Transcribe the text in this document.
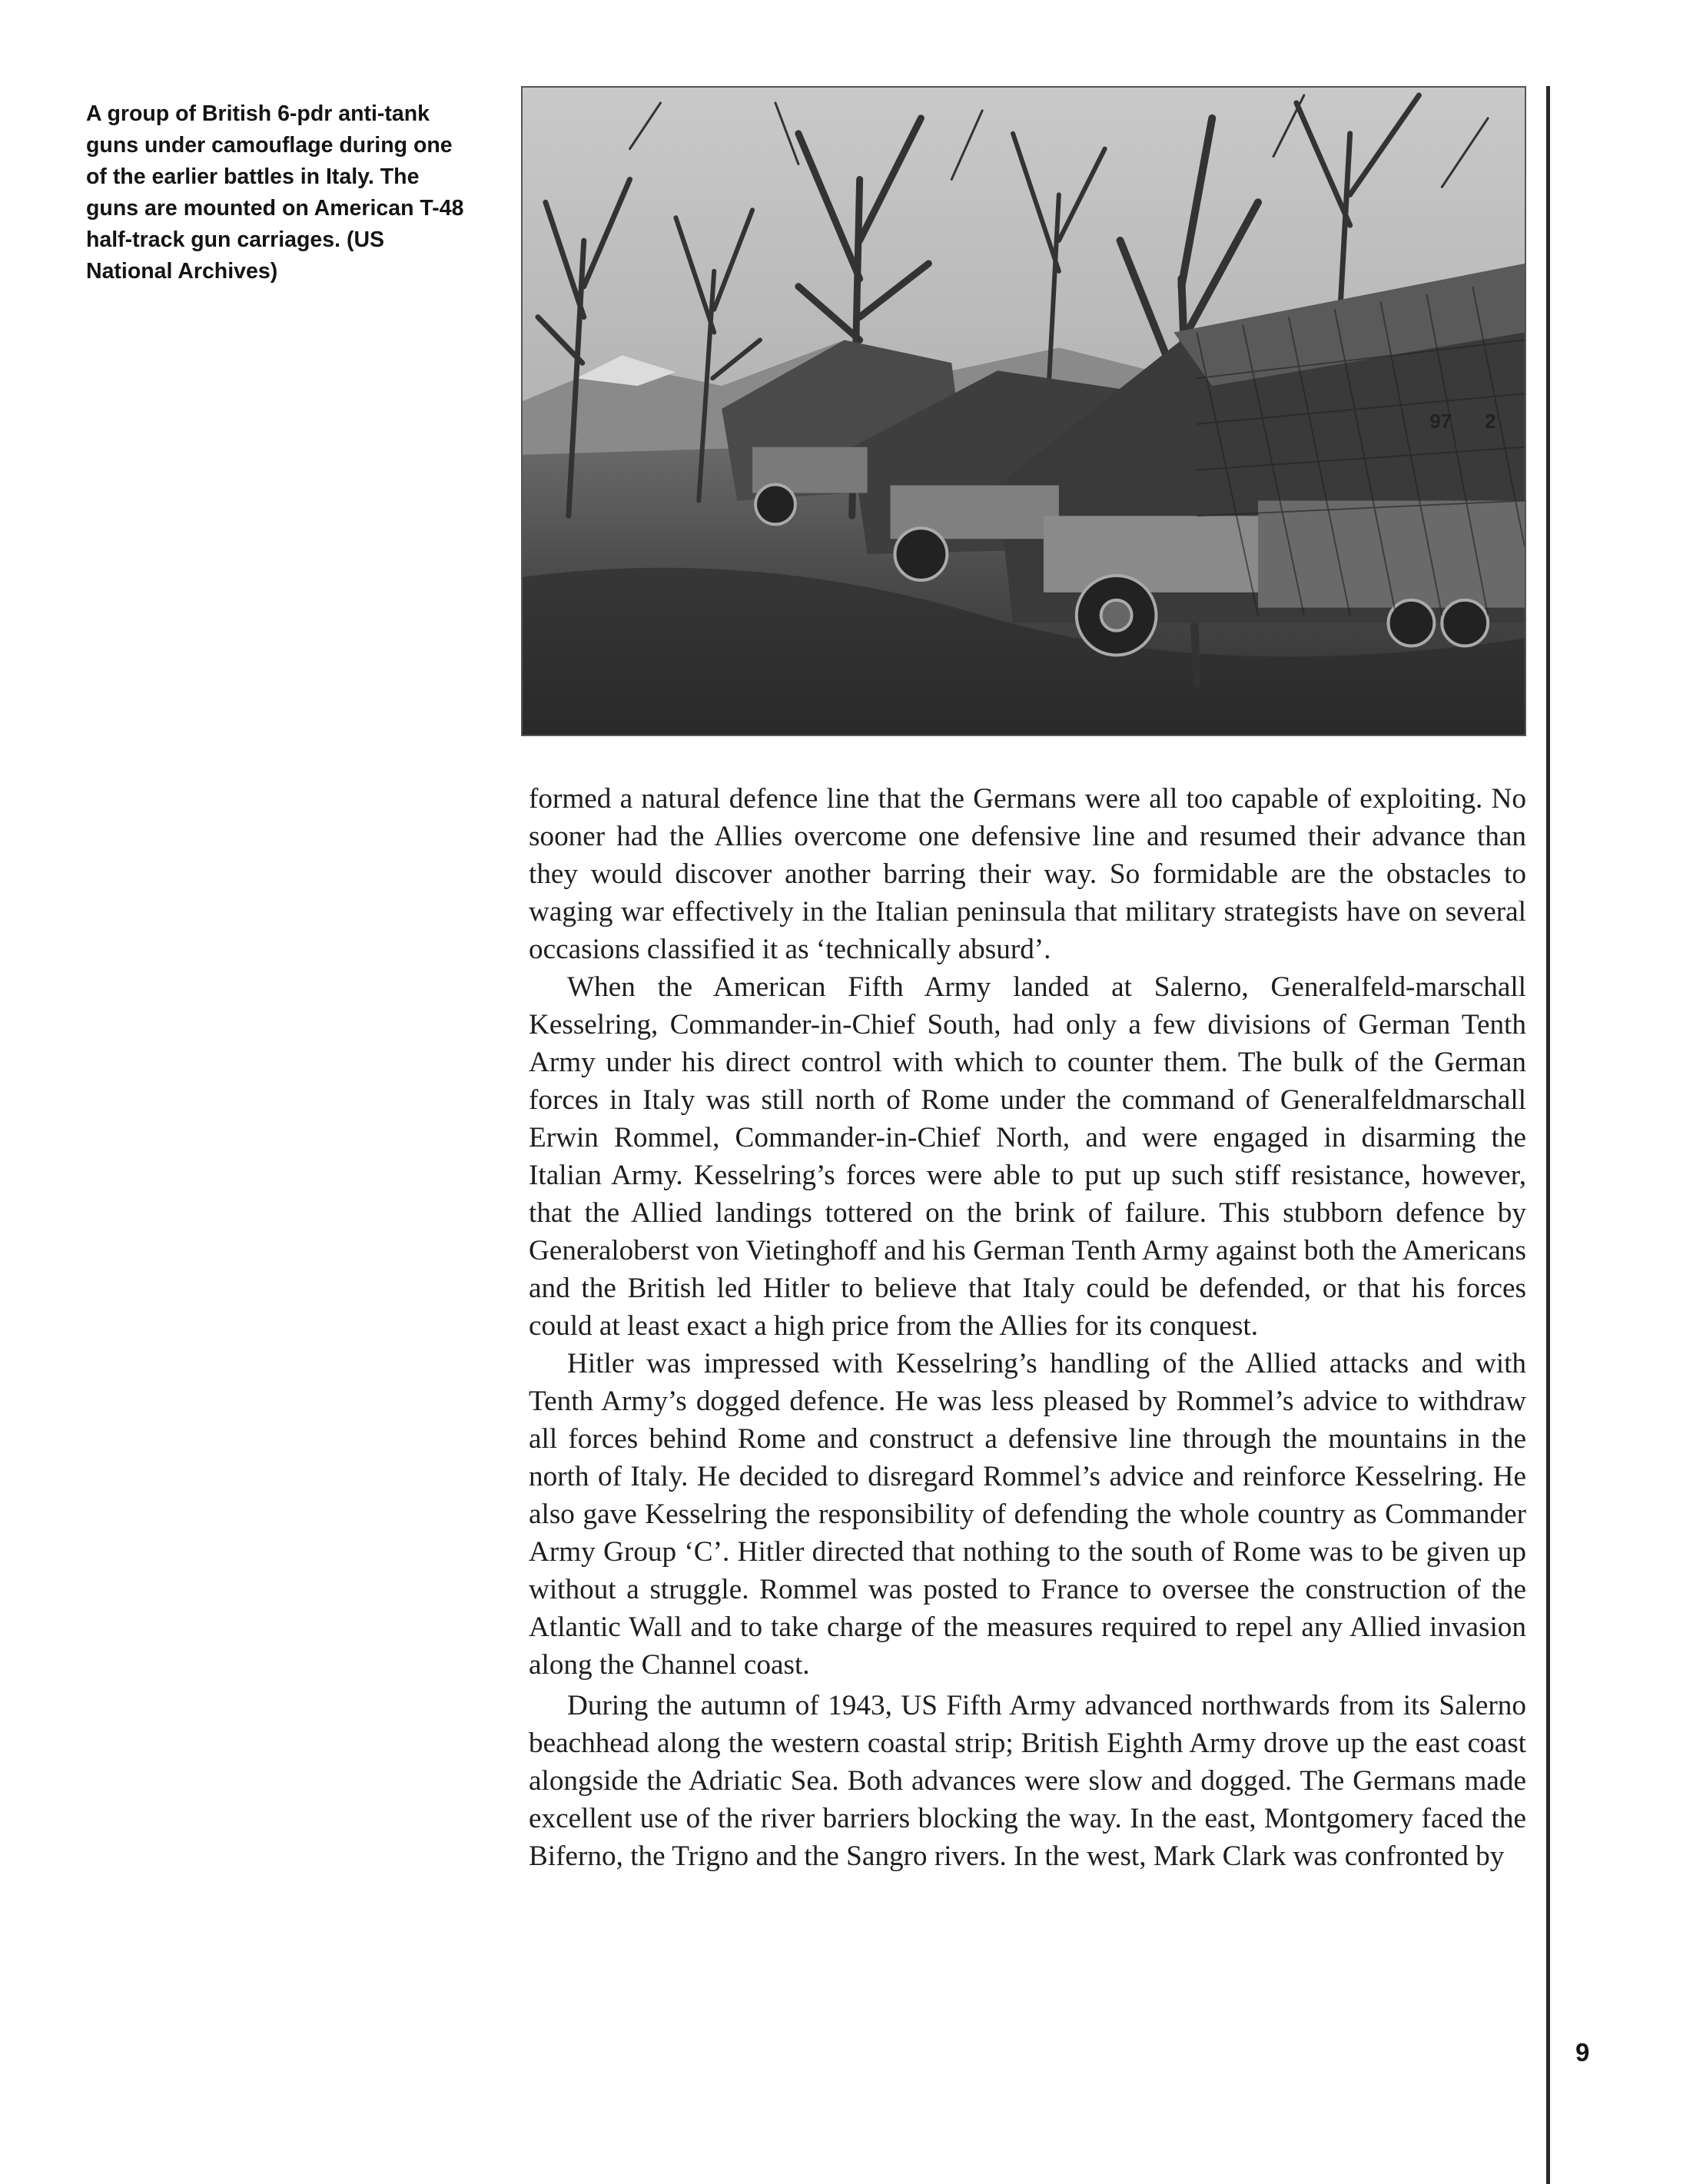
A group of British 6-pdr anti-tank guns under camouflage during one of the earlier battles in Italy. The guns are mounted on American T-48 half-track gun carriages. (US National Archives)

97 2

formed a natural defence line that the Germans were all too capable of exploiting. No sooner had the Allies overcome one defensive line and resumed their advance than they would discover another barring their way. So formidable are the obstacles to waging war effectively in the Italian peninsula that military strategists have on several occasions classified it as ‘technically absurd’.

When the American Fifth Army landed at Salerno, Generalfeld-marschall Kesselring, Commander-in-Chief South, had only a few divisions of German Tenth Army under his direct control with which to counter them. The bulk of the German forces in Italy was still north of Rome under the command of Generalfeldmarschall Erwin Rommel, Commander-in-Chief North, and were engaged in disarming the Italian Army. Kesselring’s forces were able to put up such stiff resistance, however, that the Allied landings tottered on the brink of failure. This stubborn defence by Generaloberst von Vietinghoff and his German Tenth Army against both the Americans and the British led Hitler to believe that Italy could be defended, or that his forces could at least exact a high price from the Allies for its conquest.

Hitler was impressed with Kesselring’s handling of the Allied attacks and with Tenth Army’s dogged defence. He was less pleased by Rommel’s advice to withdraw all forces behind Rome and construct a defensive line through the mountains in the north of Italy. He decided to disregard Rommel’s advice and reinforce Kesselring. He also gave Kesselring the responsibility of defending the whole country as Commander Army Group ‘C’. Hitler directed that nothing to the south of Rome was to be given up without a struggle. Rommel was posted to France to oversee the construction of the Atlantic Wall and to take charge of the measures required to repel any Allied invasion along the Channel coast.

During the autumn of 1943, US Fifth Army advanced northwards from its Salerno beachhead along the western coastal strip; British Eighth Army drove up the east coast alongside the Adriatic Sea. Both advances were slow and dogged. The Germans made excellent use of the river barriers blocking the way. In the east, Montgomery faced the Biferno, the Trigno and the Sangro rivers. In the west, Mark Clark was confronted by

9
